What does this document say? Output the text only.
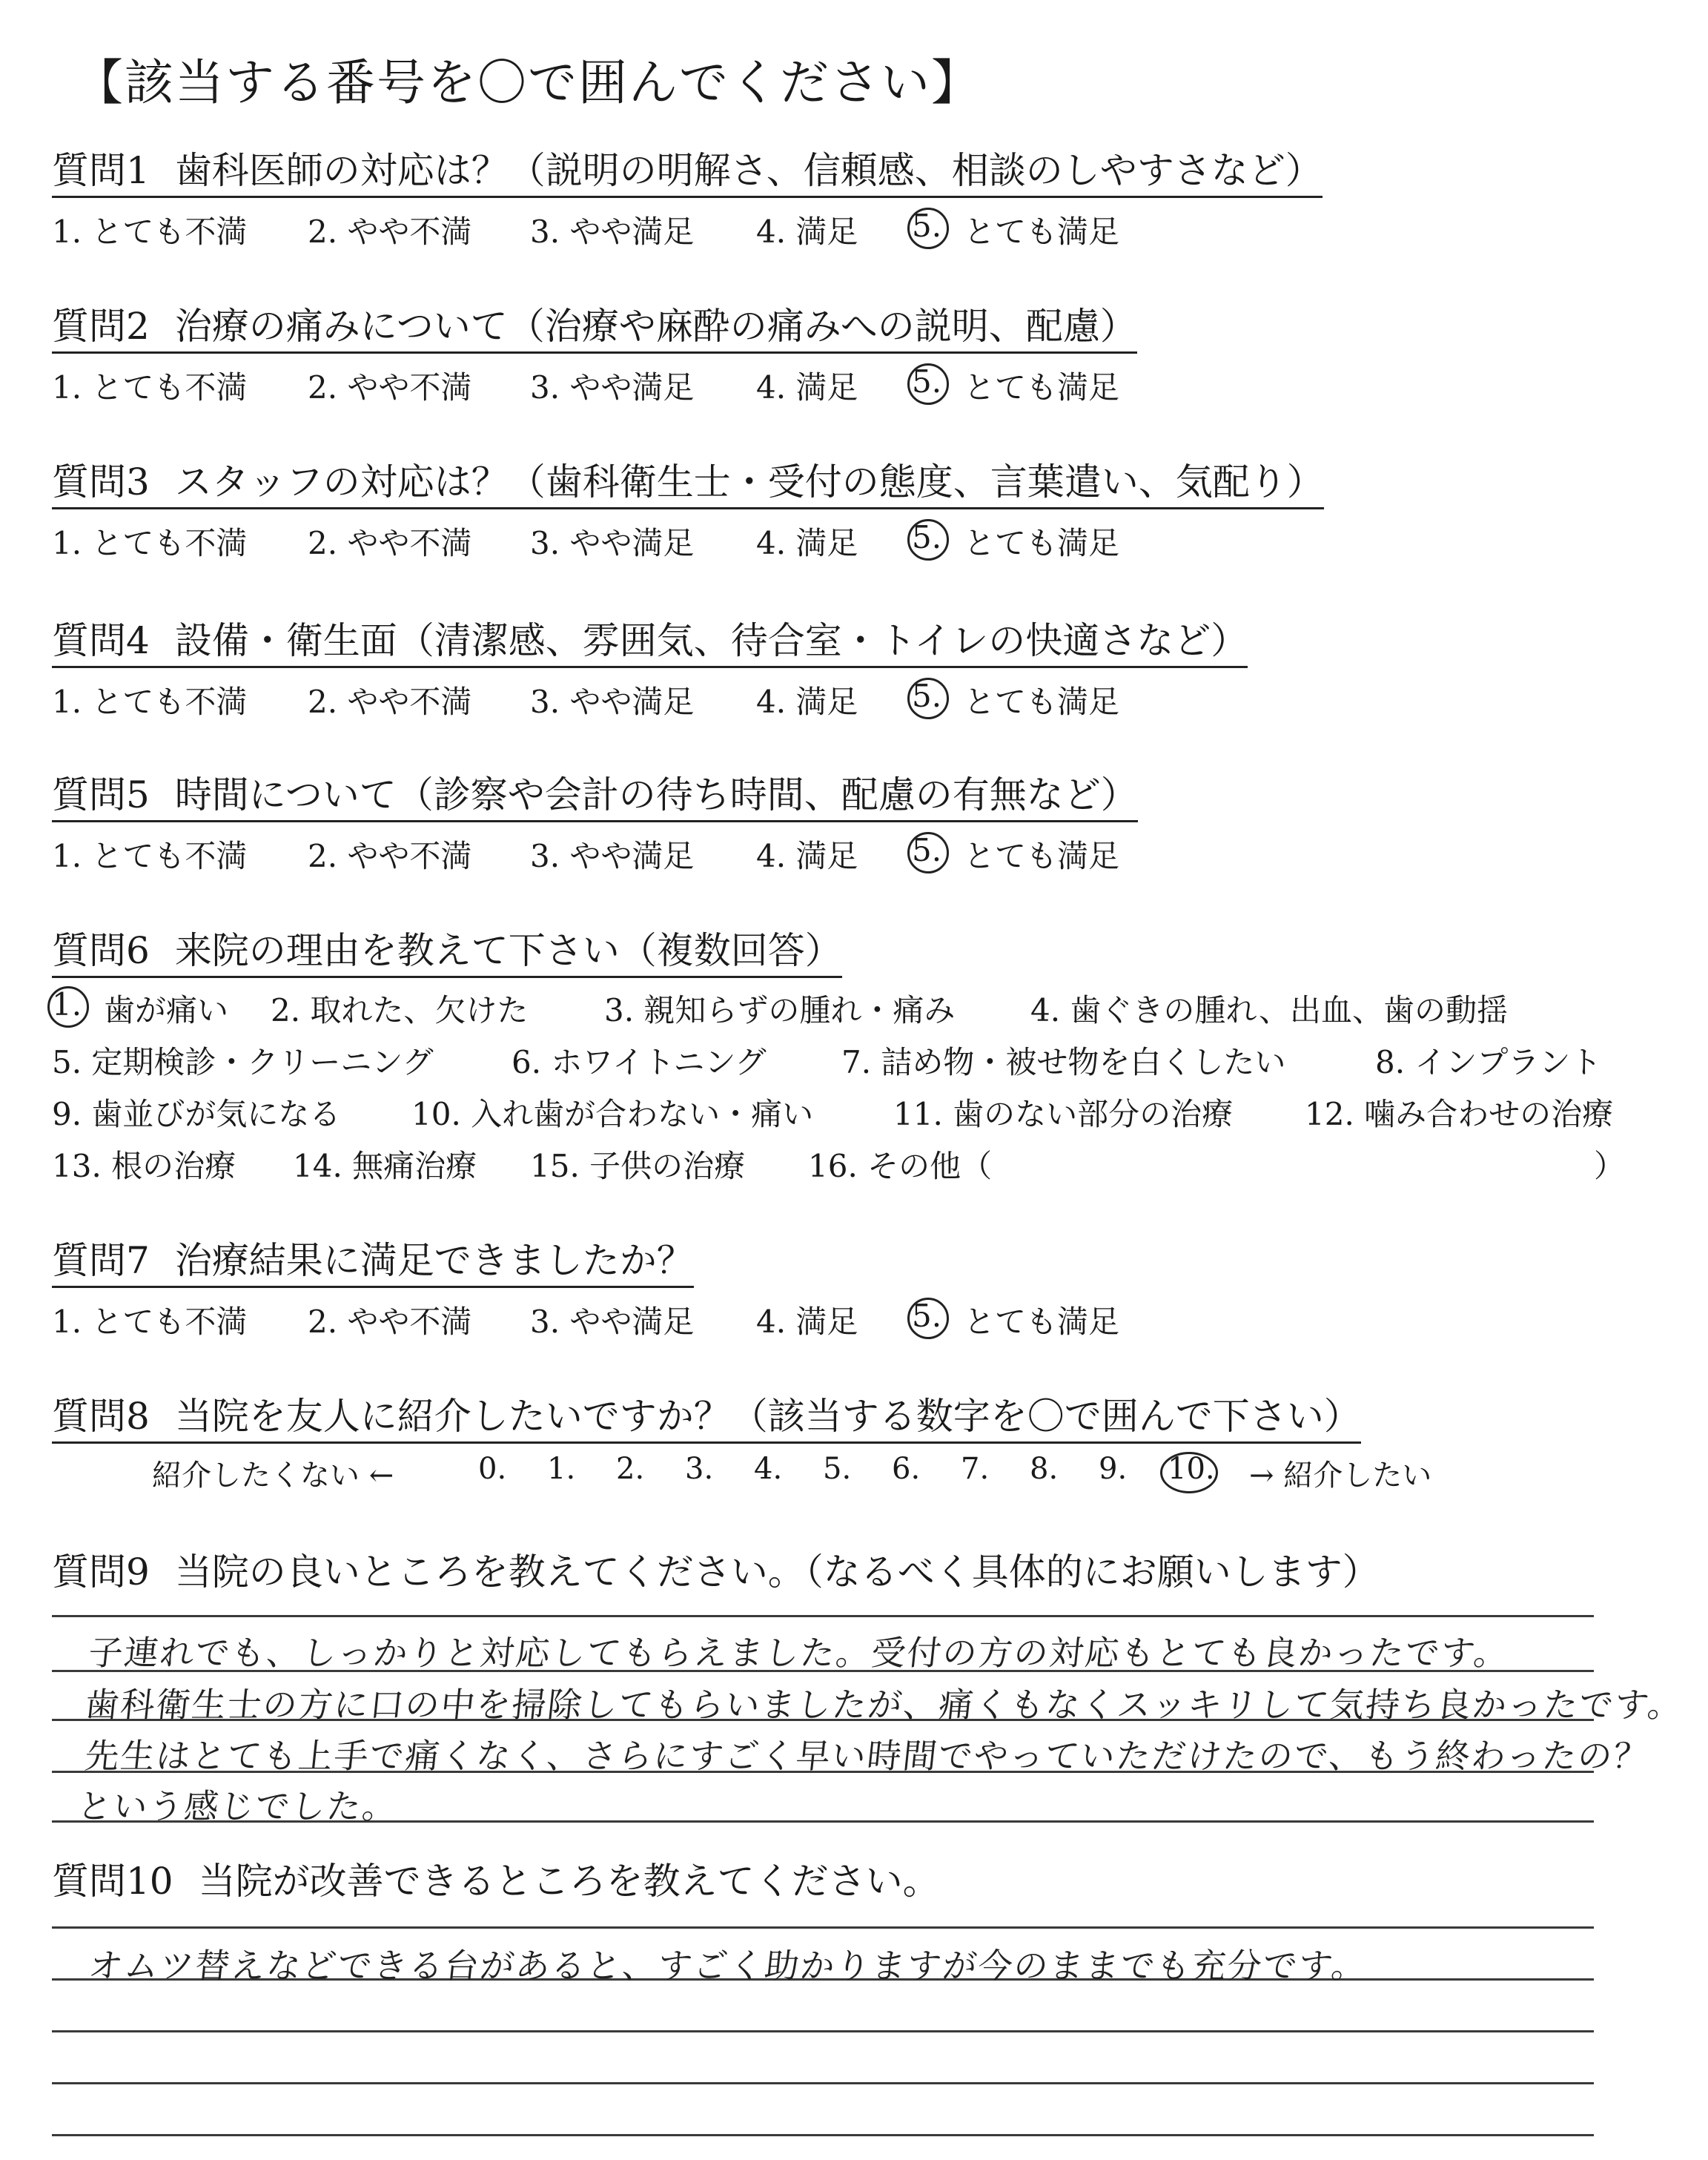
【該当する番号を〇で囲んでください】
質問1 歯科医師の対応は？（説明の明解さ、信頼感、相談のしやすさなど）
1. とても不満 2. やや不満 3. やや満足 4. 満足 5. とても満足
質問2 治療の痛みについて（治療や麻酔の痛みへの説明、配慮）
1. とても不満 2. やや不満 3. やや満足 4. 満足 5. とても満足
質問3 スタッフの対応は？（歯科衛生士・受付の態度、言葉遣い、気配り）
1. とても不満 2. やや不満 3. やや満足 4. 満足 5. とても満足
質問4 設備・衛生面（清潔感、雰囲気、待合室・トイレの快適さなど）
1. とても不満 2. やや不満 3. やや満足 4. 満足 5. とても満足
質問5 時間について（診察や会計の待ち時間、配慮の有無など）
1. とても不満 2. やや不満 3. やや満足 4. 満足 5. とても満足
質問6 来院の理由を教えて下さい（複数回答）
1. 歯が痛い 2. 取れた、欠けた 3. 親知らずの腫れ・痛み 4. 歯ぐきの腫れ、出血、歯の動揺
5. 定期検診・クリーニング	6. ホワイトニング 7. 詰め物・被せ物を白くしたい	8. インプラント
9. 歯並びが気になる 10. 入れ歯が合わない・痛い	11. 歯のない部分の治療 12. 噛み合わせの治療
13. 根の治療 14. 無痛治療 15. 子供の治療 16. その他（	）
質問7 治療結果に満足できましたか？
1. とても不満 2. やや不満 3. やや満足 4. 満足 5. とても満足
質問8 当院を友人に紹介したいですか？（該当する数字を〇で囲んで下さい）
紹介したくない ←	0. 1. 2. 3. 4. 5. 6. 7. 8. 9. 10. → 紹介したい
質問9 当院の良いところを教えてください。（なるべく具体的にお願いします）
子連れでも、しっかりと対応してもらえました。受付の方の対応もとても良かったです。
歯科衛生士の方に口の中を掃除してもらいましたが、痛くもなくスッキリして気持ち良かったです。
先生はとても上手で痛くなく、さらにすごく早い時間でやっていただけたので、もう終わったの？
という感じでした。
質問10 当院が改善できるところを教えてください。
オムツ替えなどできる台があると、すごく助かりますが今のままでも充分です。
